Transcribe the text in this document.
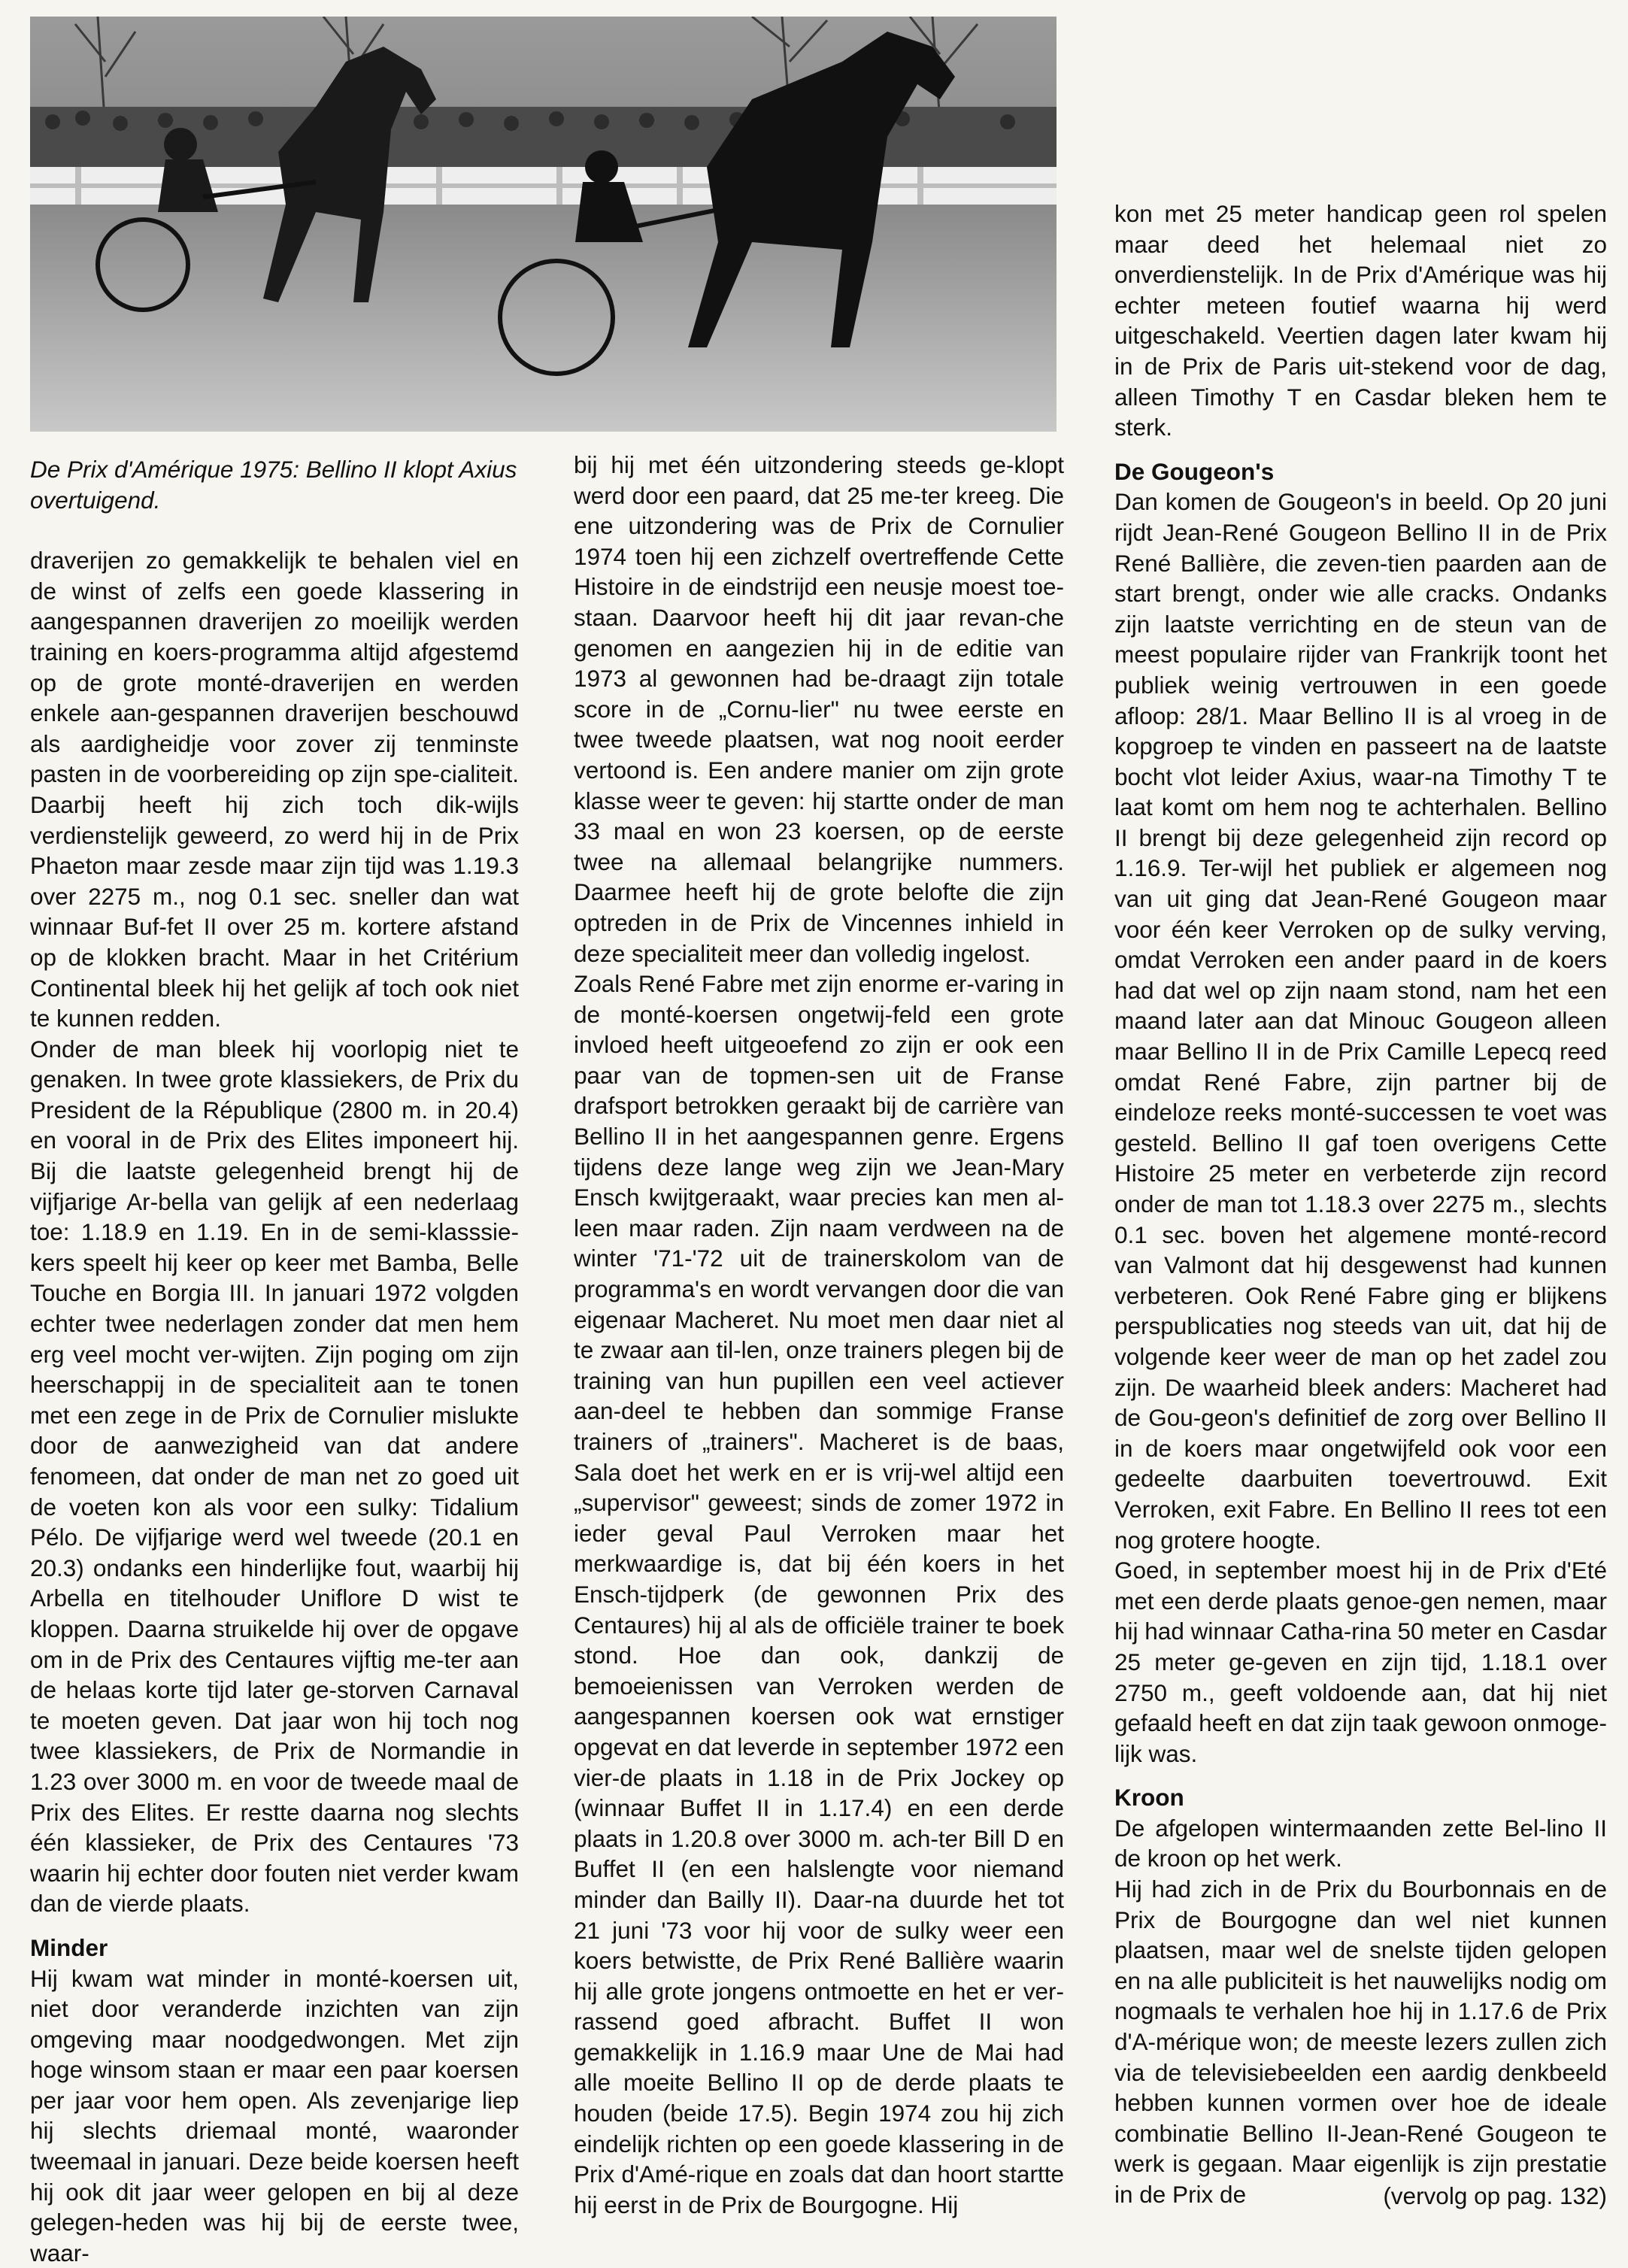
De Prix d'Amérique 1975: Bellino II klopt Axius overtuigend.

draverijen zo gemakkelijk te behalen viel en de winst of zelfs een goede klassering in aangespannen draverijen zo moeilijk werden training en koers-programma altijd afgestemd op de grote monté-draverijen en werden enkele aan-gespannen draverijen beschouwd als aardigheidje voor zover zij tenminste pasten in de voorbereiding op zijn spe-cialiteit. Daarbij heeft hij zich toch dik-wijls verdienstelijk geweerd, zo werd hij in de Prix Phaeton maar zesde maar zijn tijd was 1.19.3 over 2275 m., nog 0.1 sec. sneller dan wat winnaar Buf-fet II over 25 m. kortere afstand op de klokken bracht. Maar in het Critérium Continental bleek hij het gelijk af toch ook niet te kunnen redden.

Onder de man bleek hij voorlopig niet te genaken. In twee grote klassiekers, de Prix du President de la République (2800 m. in 20.4) en vooral in de Prix des Elites imponeert hij. Bij die laatste gelegenheid brengt hij de vijfjarige Ar-bella van gelijk af een nederlaag toe: 1.18.9 en 1.19. En in de semi-klasssie-kers speelt hij keer op keer met Bamba, Belle Touche en Borgia III. In januari 1972 volgden echter twee nederlagen zonder dat men hem erg veel mocht ver-wijten. Zijn poging om zijn heerschappij in de specialiteit aan te tonen met een zege in de Prix de Cornulier mislukte door de aanwezigheid van dat andere fenomeen, dat onder de man net zo goed uit de voeten kon als voor een sulky: Tidalium Pélo. De vijfjarige werd wel tweede (20.1 en 20.3) ondanks een hinderlijke fout, waarbij hij Arbella en titelhouder Uniflore D wist te kloppen. Daarna struikelde hij over de opgave om in de Prix des Centaures vijftig me-ter aan de helaas korte tijd later ge-storven Carnaval te moeten geven. Dat jaar won hij toch nog twee klassiekers, de Prix de Normandie in 1.23 over 3000 m. en voor de tweede maal de Prix des Elites. Er restte daarna nog slechts één klassieker, de Prix des Centaures '73 waarin hij echter door fouten niet verder kwam dan de vierde plaats.

Minder

Hij kwam wat minder in monté-koersen uit, niet door veranderde inzichten van zijn omgeving maar noodgedwongen. Met zijn hoge winsom staan er maar een paar koersen per jaar voor hem open. Als zevenjarige liep hij slechts driemaal monté, waaronder tweemaal in januari. Deze beide koersen heeft hij ook dit jaar weer gelopen en bij al deze gelegen-heden was hij bij de eerste twee, waar-

bij hij met één uitzondering steeds ge-klopt werd door een paard, dat 25 me-ter kreeg. Die ene uitzondering was de Prix de Cornulier 1974 toen hij een zichzelf overtreffende Cette Histoire in de eindstrijd een neusje moest toe-staan. Daarvoor heeft hij dit jaar revan-che genomen en aangezien hij in de editie van 1973 al gewonnen had be-draagt zijn totale score in de „Cornu-lier" nu twee eerste en twee tweede plaatsen, wat nog nooit eerder vertoond is. Een andere manier om zijn grote klasse weer te geven: hij startte onder de man 33 maal en won 23 koersen, op de eerste twee na allemaal belangrijke nummers. Daarmee heeft hij de grote belofte die zijn optreden in de Prix de Vincennes inhield in deze specialiteit meer dan volledig ingelost.

Zoals René Fabre met zijn enorme er-varing in de monté-koersen ongetwij-feld een grote invloed heeft uitgeoefend zo zijn er ook een paar van de topmen-sen uit de Franse drafsport betrokken geraakt bij de carrière van Bellino II in het aangespannen genre. Ergens tijdens deze lange weg zijn we Jean-Mary Ensch kwijtgeraakt, waar precies kan men al-leen maar raden. Zijn naam verdween na de winter '71-'72 uit de trainerskolom van de programma's en wordt vervangen door die van eigenaar Macheret. Nu moet men daar niet al te zwaar aan til-len, onze trainers plegen bij de training van hun pupillen een veel actiever aan-deel te hebben dan sommige Franse trainers of „trainers". Macheret is de baas, Sala doet het werk en er is vrij-wel altijd een „supervisor" geweest; sinds de zomer 1972 in ieder geval Paul Verroken maar het merkwaardige is, dat bij één koers in het Ensch-tijdperk (de gewonnen Prix des Centaures) hij al als de officiële trainer te boek stond. Hoe dan ook, dankzij de bemoeienissen van Verroken werden de aangespannen koersen ook wat ernstiger opgevat en dat leverde in september 1972 een vier-de plaats in 1.18 in de Prix Jockey op (winnaar Buffet II in 1.17.4) en een derde plaats in 1.20.8 over 3000 m. ach-ter Bill D en Buffet II (en een halslengte voor niemand minder dan Bailly II). Daar-na duurde het tot 21 juni '73 voor hij voor de sulky weer een koers betwistte, de Prix René Ballière waarin hij alle grote jongens ontmoette en het er ver-rassend goed afbracht. Buffet II won gemakkelijk in 1.16.9 maar Une de Mai had alle moeite Bellino II op de derde plaats te houden (beide 17.5). Begin 1974 zou hij zich eindelijk richten op een goede klassering in de Prix d'Amé-rique en zoals dat dan hoort startte hij eerst in de Prix de Bourgogne. Hij

kon met 25 meter handicap geen rol spelen maar deed het helemaal niet zo onverdienstelijk. In de Prix d'Amérique was hij echter meteen foutief waarna hij werd uitgeschakeld. Veertien dagen later kwam hij in de Prix de Paris uit-stekend voor de dag, alleen Timothy T en Casdar bleken hem te sterk.

De Gougeon's

Dan komen de Gougeon's in beeld. Op 20 juni rijdt Jean-René Gougeon Bellino II in de Prix René Ballière, die zeven-tien paarden aan de start brengt, onder wie alle cracks. Ondanks zijn laatste verrichting en de steun van de meest populaire rijder van Frankrijk toont het publiek weinig vertrouwen in een goede afloop: 28/1. Maar Bellino II is al vroeg in de kopgroep te vinden en passeert na de laatste bocht vlot leider Axius, waar-na Timothy T te laat komt om hem nog te achterhalen. Bellino II brengt bij deze gelegenheid zijn record op 1.16.9. Ter-wijl het publiek er algemeen nog van uit ging dat Jean-René Gougeon maar voor één keer Verroken op de sulky verving, omdat Verroken een ander paard in de koers had dat wel op zijn naam stond, nam het een maand later aan dat Minouc Gougeon alleen maar Bellino II in de Prix Camille Lepecq reed omdat René Fabre, zijn partner bij de eindeloze reeks monté-successen te voet was gesteld. Bellino II gaf toen overigens Cette Histoire 25 meter en verbeterde zijn record onder de man tot 1.18.3 over 2275 m., slechts 0.1 sec. boven het algemene monté-record van Valmont dat hij desgewenst had kunnen verbeteren. Ook René Fabre ging er blijkens perspublicaties nog steeds van uit, dat hij de volgende keer weer de man op het zadel zou zijn. De waarheid bleek anders: Macheret had de Gou-geon's definitief de zorg over Bellino II in de koers maar ongetwijfeld ook voor een gedeelte daarbuiten toevertrouwd. Exit Verroken, exit Fabre. En Bellino II rees tot een nog grotere hoogte.

Goed, in september moest hij in de Prix d'Eté met een derde plaats genoe-gen nemen, maar hij had winnaar Catha-rina 50 meter en Casdar 25 meter ge-geven en zijn tijd, 1.18.1 over 2750 m., geeft voldoende aan, dat hij niet gefaald heeft en dat zijn taak gewoon onmoge-lijk was.

Kroon

De afgelopen wintermaanden zette Bel-lino II de kroon op het werk.

Hij had zich in de Prix du Bourbonnais en de Prix de Bourgogne dan wel niet kunnen plaatsen, maar wel de snelste tijden gelopen en na alle publiciteit is het nauwelijks nodig om nogmaals te verhalen hoe hij in 1.17.6 de Prix d'A-mérique won; de meeste lezers zullen zich via de televisiebeelden een aardig denkbeeld hebben kunnen vormen over hoe de ideale combinatie Bellino II-Jean-René Gougeon te werk is gegaan. Maar eigenlijk is zijn prestatie in de Prix de	(vervolg op pag. 132)
